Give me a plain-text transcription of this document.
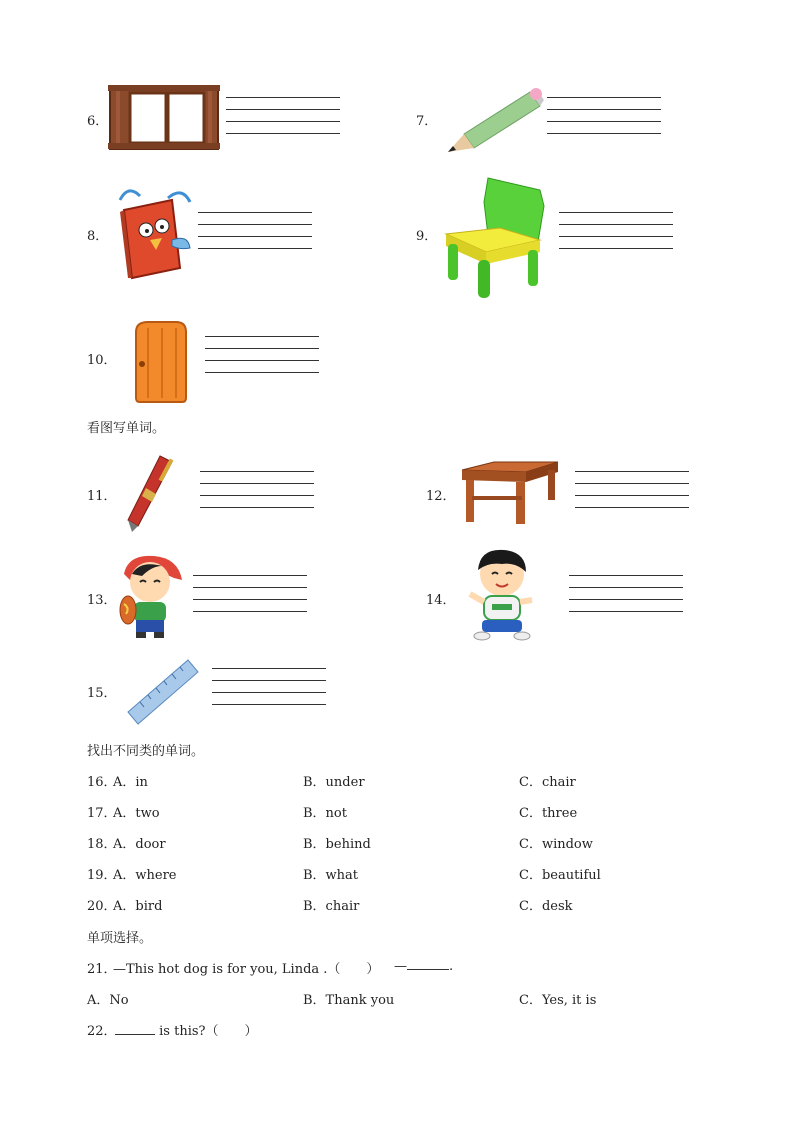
6．	7．
8．	9．
10．
看图写单词。
11．	12．
13．	14．
15．
找出不同类的单词。
16．
A．in	B．under	C．chair
17．
A．two	B．not	C．three
18．
A．door	B．behind	C．window
19．
A．where	B．what	C．beautiful
20．
A．bird	B．chair	C．desk
单项选择。
21．
—This hot dog is for you, Linda .（　　） —	.
A．No	B．Thank you	C．Yes, it is
22．	is this?（　　）
